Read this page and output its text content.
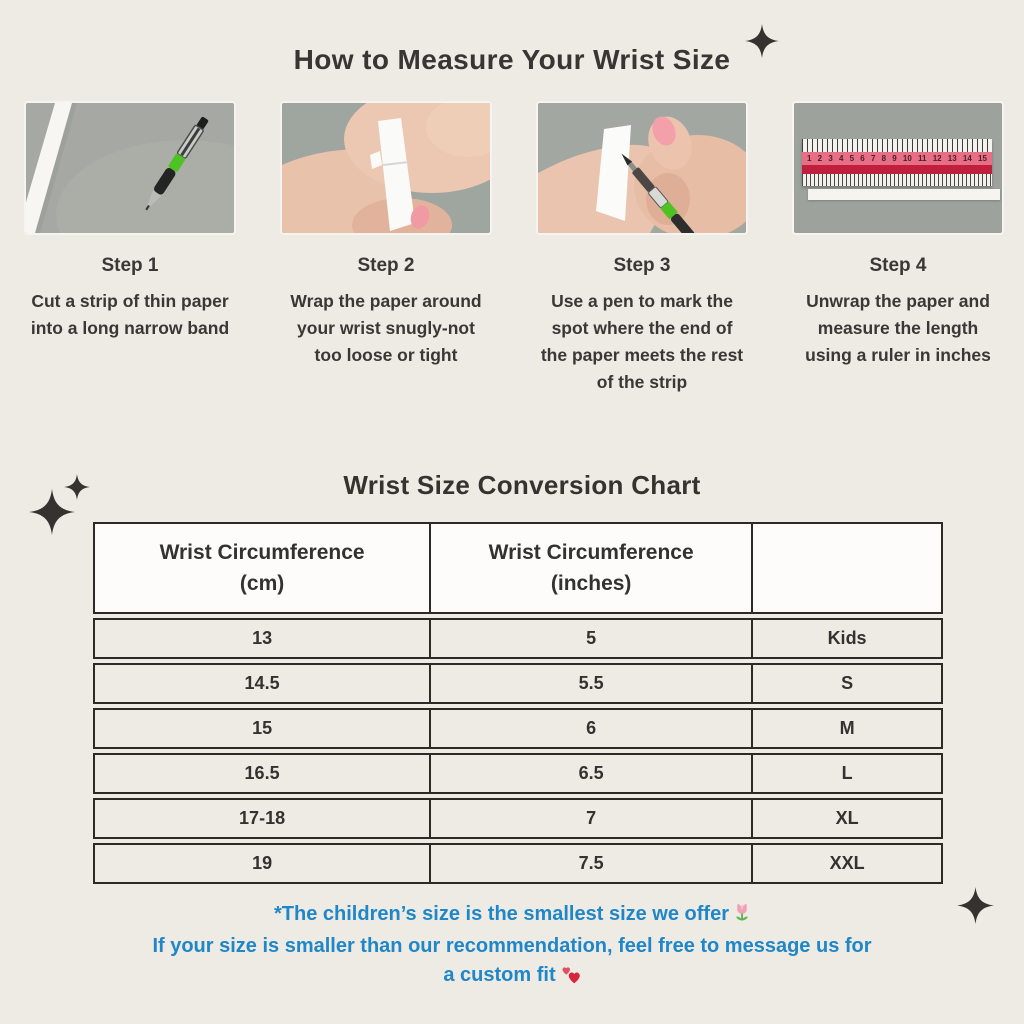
How to Measure Your Wrist Size
Step 1
Cut a strip of thin paper into a long narrow band
Step 2
Wrap the paper around your wrist snugly-not too loose or tight
Step 3
Use a pen to mark the spot where the end of the paper meets the rest of the strip
1 2 3 4 5 6 7 8 9 10 11 12 13 14 15
Step 4
Unwrap the paper and measure the length using a ruler in inches
Wrist Size Conversion Chart
Wrist Circumference
(cm)
Wrist Circumference
(inches)
13	5	Kids
14.5	5.5	S
15	6	M
16.5	6.5	L
17-18	7	XL
19	7.5	XXL
*The children’s size is the smallest size we offer
If your size is smaller than our recommendation, feel free to message us for
a custom fit
